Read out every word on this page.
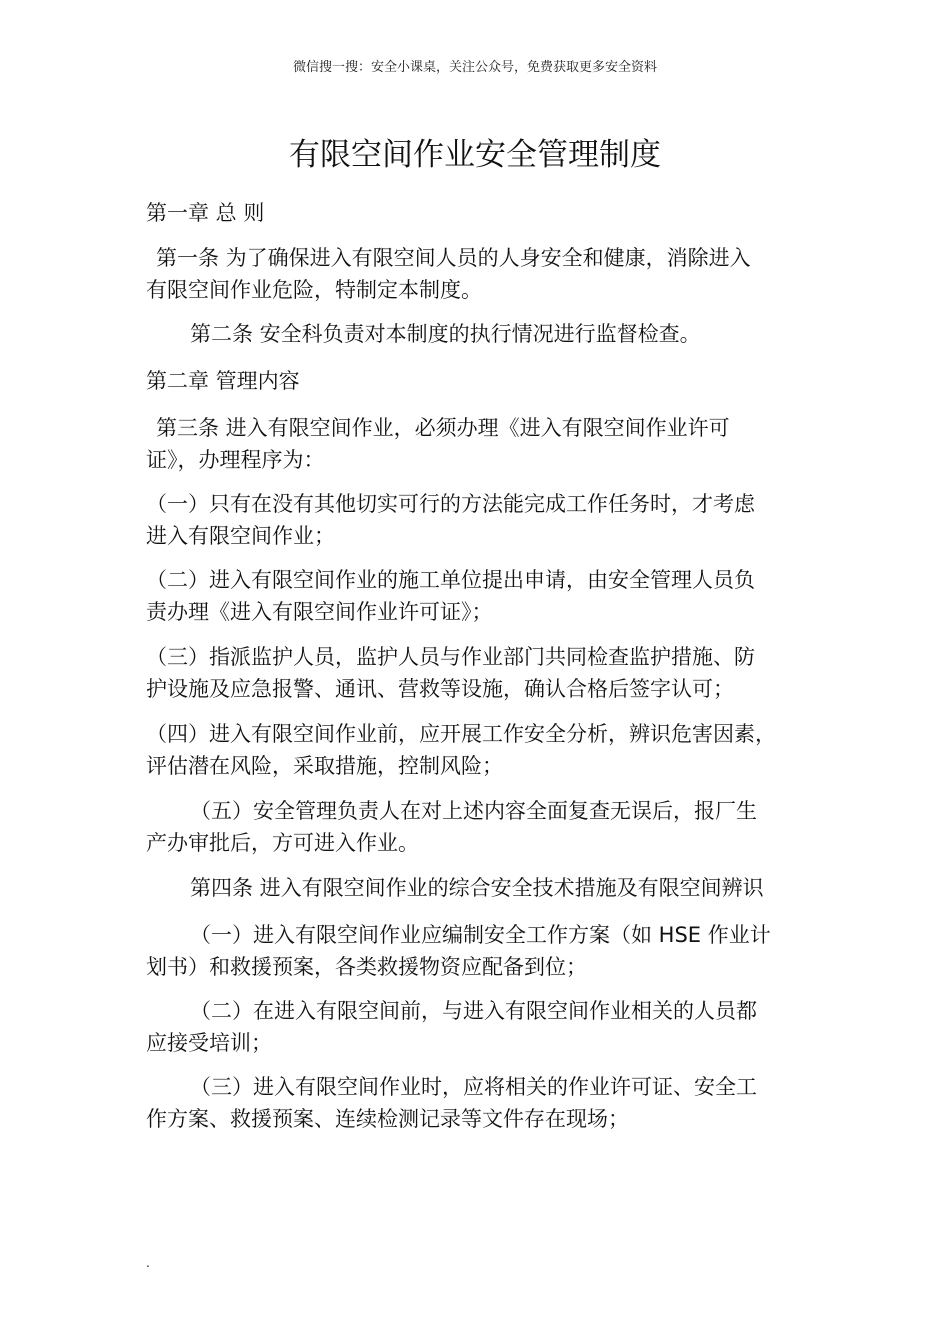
微信搜一搜：安全小课桌，关注公众号，免费获取更多安全资料

有限空间作业安全管理制度

第一章 总 则

第一条 为了确保进入有限空间人员的人身安全和健康，消除进入

有限空间作业危险，特制定本制度。

第二条 安全科负责对本制度的执行情况进行监督检查。

第二章 管理内容

第三条 进入有限空间作业，必须办理《进入有限空间作业许可

证》，办理程序为：

（一）只有在没有其他切实可行的方法能完成工作任务时，才考虑

进入有限空间作业；

（二）进入有限空间作业的施工单位提出申请，由安全管理人员负

责办理《进入有限空间作业许可证》；

（三）指派监护人员，监护人员与作业部门共同检查监护措施、防

护设施及应急报警、通讯、营救等设施，确认合格后签字认可；

（四）进入有限空间作业前，应开展工作安全分析，辨识危害因素，

评估潜在风险，采取措施，控制风险；

（五）安全管理负责人在对上述内容全面复查无误后，报厂生

产办审批后，方可进入作业。

第四条 进入有限空间作业的综合安全技术措施及有限空间辨识

（一）进入有限空间作业应编制安全工作方案（如 HSE 作业计

划书）和救援预案，各类救援物资应配备到位；

（二）在进入有限空间前，与进入有限空间作业相关的人员都

应接受培训；

（三）进入有限空间作业时，应将相关的作业许可证、安全工

作方案、救援预案、连续检测记录等文件存在现场；

.
